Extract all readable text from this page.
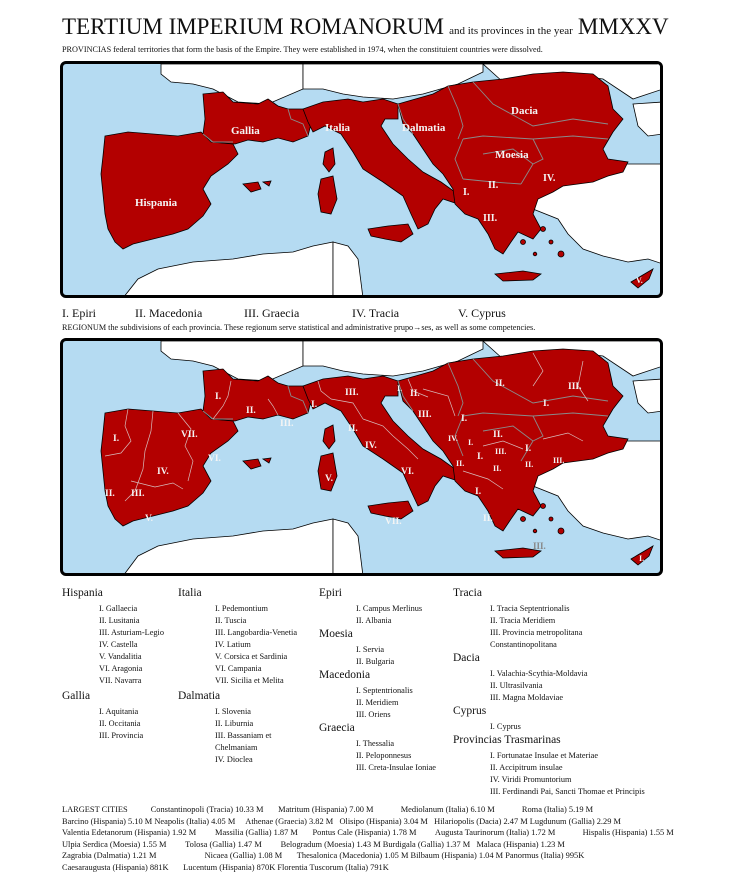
TERTIUM IMPERIUM ROMANORUM and its provinces in the year MMXXV
PROVINCIAS federal territories that form the basis of the Empire. They were established in 1974, when the constituient countries were dissolved.
Hispania
Gallia	Italia	Dalmatia
Dacia
Moesia
I.
II.
IV.
III.
V.
I. Epiri	II. Macedonia	III. Graecia	IV. Tracia	V. Cyprus
REGIONUM the subdivisions of each provincia. These regionum serve statistical and administrative prupo→ses, as well as some competencies.
I.
II. III.
IV.
V.
VI.
VII.
I.
II.
III.
I.
II.
III.
IV.
V.
VI.
VII.
I.
II.
III.
IV.
I.
II.
I.
II.
I.
II.
III. I.
II. III.
I.
II.
III.
II.
I.
III.
I.

Hispania

I. Gallaecia
II. Lusitania
III. Asturiam-Legio
IV. Castella
V. Vandalitia
VI. Aragonia
VII. Navarra

Gallia

I. Aquitania
II. Occitania
III. Provincia

Italia

I. Pedemontium
II. Tuscia
III. Langobardia-Venetia
IV. Latium
V. Corsica et Sardinia
VI. Campania
VII. Sicilia et Melita

Dalmatia

I. Slovenia
II. Liburnia
III. Bassaniam et Chelmaniam
IV. Dioclea

Epiri

I. Campus Merlinus
II. Albania

Moesia

I. Servia
II. Bulgaria

Macedonia

I. Septentrionalis
II. Meridiem
III. Oriens

Graecia

I. Thessalia
II. Peloponnesus
III. Creta-Insulae Ioniae

Tracia

I. Tracia Septentrionalis
II. Tracia Meridiem
III. Provincia metropolitana Constantinopolitana

Dacia

I. Valachia-Scythia-Moldavia
II. Ultrasilvania
III. Magna Moldaviae

Cyprus

I. Cyprus

Provincias Trasmarinas

I. Fortunatae Insulae et Materiae
II. Accipitrum insulae
IV. Viridi Promuntorium
III. Ferdinandi Pai, Sancti Thomae et Principis
LARGEST CITIES   	Constantinopoli (Tracia) 10.33 M   Matritum (Hispania) 7.00 M   	Mediolanum (Italia) 6.10 M   	Roma (Italia) 5.19 M   Barcino (Hispania) 5.10 M Neapolis (Italia) 4.05 M  Athenae (Graecia) 3.82 M  Olisipo (Hispania) 3.04 M  Hilariopolis (Dacia) 2.47 M Lugdunum (Gallia) 2.29 M Valentia Edetanorum (Hispania) 1.92 M   Massilia (Gallia) 1.87 M   Pontus Cale (Hispania) 1.78 M   Augusta Taurinorum (Italia) 1.72 M   	Hispalis (Hispania) 1.55 M Ulpia Serdica (Moesia) 1.55 M   Tolosa (Gallia) 1.47 M   Belogradum (Moesia) 1.43 M Burdigala (Gallia) 1.37 M  Malaca (Hispania) 1.23 M  Zagrabia (Dalmatia) 1.21 M      	Nicaea (Gallia) 1.08 M   Thesalonica (Macedonia) 1.05 M Bilbaum (Hispania) 1.04 M Panormus (Italia) 995K   Caesaraugusta (Hispania) 881K   Lucentum (Hispania) 870K Florentia Tuscorum (Italia) 791K
